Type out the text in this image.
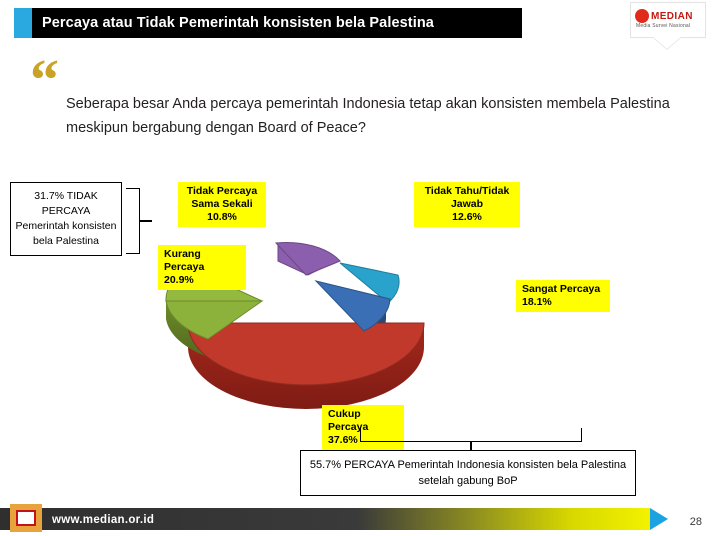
Percaya atau Tidak Pemerintah konsisten bela Palestina	MEDIAN
Media Survei Nasional
“ Seberapa besar Anda percaya pemerintah Indonesia tetap akan konsisten membela Palestina meskipun bergabung dengan Board of Peace?
Tidak Percaya
Sama Sekali
10.8%
Kurang Percaya
20.9%
Tidak Tahu/Tidak
Jawab
12.6%
Sangat Percaya
18.1%
Cukup Percaya
37.6%
31.7% TIDAK PERCAYA Pemerintah konsisten bela Palestina
55.7% PERCAYA Pemerintah Indonesia konsisten bela Palestina setelah gabung BoP
www.median.or.id	28
